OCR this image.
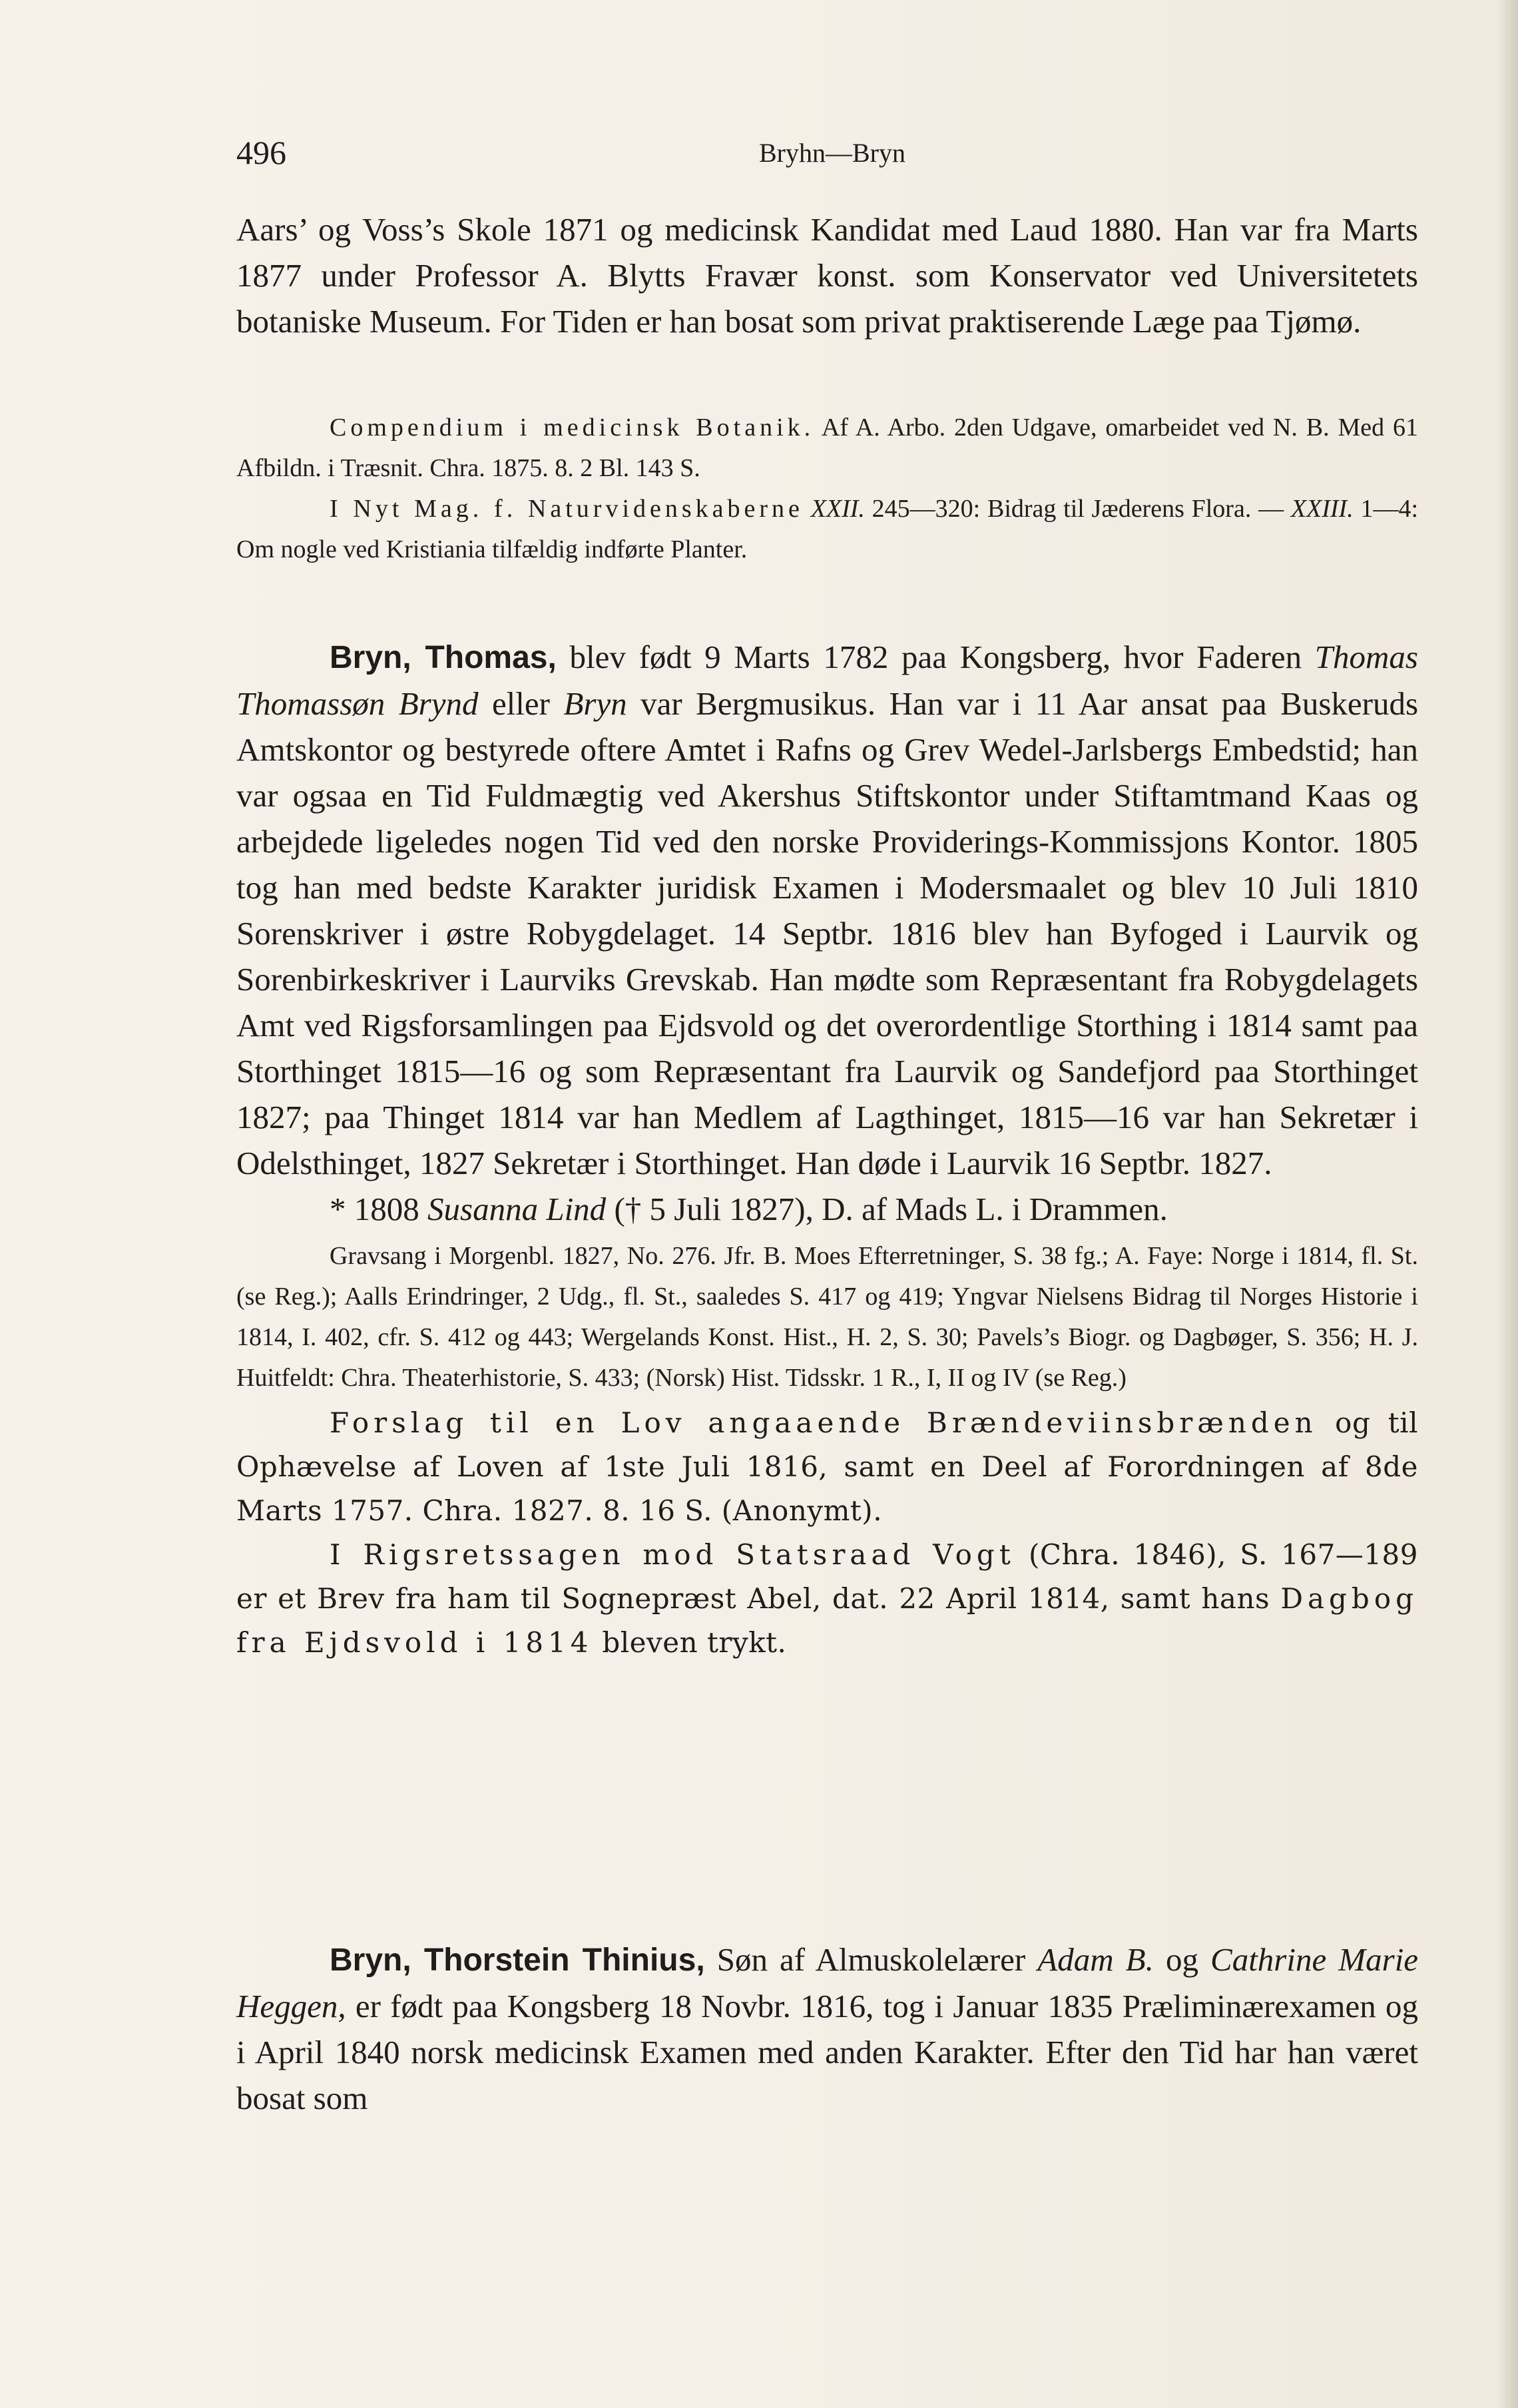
496	Bryhn—Bryn

Aars’ og Voss’s Skole 1871 og medicinsk Kandidat med Laud 1880. Han var fra Marts 1877 under Professor A. Blytts Fravær konst. som Konservator ved Universitetets botaniske Museum. For Tiden er han bosat som privat praktiserende Læge paa Tjømø.

Compendium i medicinsk Botanik. Af A. Arbo. 2den Udgave, omarbeidet ved N. B. Med 61 Afbildn. i Træsnit. Chra. 1875. 8. 2 Bl. 143 S.

I Nyt Mag. f. Naturvidenskaberne XXII. 245—320: Bidrag til Jæderens Flora. — XXIII. 1—4: Om nogle ved Kristiania tilfældig indførte Planter.

Bryn, Thomas, blev født 9 Marts 1782 paa Kongsberg, hvor Faderen Thomas Thomassøn Brynd eller Bryn var Bergmusikus. Han var i 11 Aar ansat paa Buskeruds Amtskontor og bestyrede oftere Amtet i Rafns og Grev Wedel-Jarlsbergs Embedstid; han var ogsaa en Tid Fuldmægtig ved Akershus Stiftskontor under Stiftamtmand Kaas og arbejdede ligeledes nogen Tid ved den norske Providerings-Kommissjons Kontor. 1805 tog han med bedste Karakter juridisk Examen i Modersmaalet og blev 10 Juli 1810 Sorenskriver i østre Robygdelaget. 14 Septbr. 1816 blev han Byfoged i Laurvik og Sorenbirkeskriver i Laurviks Grevskab. Han mødte som Repræsentant fra Robygdelagets Amt ved Rigsforsamlingen paa Ejdsvold og det overordentlige Storthing i 1814 samt paa Storthinget 1815—16 og som Repræsentant fra Laurvik og Sandefjord paa Storthinget 1827; paa Thinget 1814 var han Medlem af Lagthinget, 1815—16 var han Sekretær i Odelsthinget, 1827 Sekretær i Storthinget. Han døde i Laurvik 16 Septbr. 1827.

* 1808 Susanna Lind († 5 Juli 1827), D. af Mads L. i Drammen.

Gravsang i Morgenbl. 1827, No. 276. Jfr. B. Moes Efterretninger, S. 38 fg.; A. Faye: Norge i 1814, fl. St. (se Reg.); Aalls Erindringer, 2 Udg., fl. St., saaledes S. 417 og 419; Yngvar Nielsens Bidrag til Norges Historie i 1814, I. 402, cfr. S. 412 og 443; Wergelands Konst. Hist., H. 2, S. 30; Pavels’s Biogr. og Dagbøger, S. 356; H. J. Huitfeldt: Chra. Theaterhistorie, S. 433; (Norsk) Hist. Tidsskr. 1 R., I, II og IV (se Reg.)

Forslag til en Lov angaaende Brændeviinsbrænden og til Ophævelse af Loven af 1ste Juli 1816, samt en Deel af Forordningen af 8de Marts 1757. Chra. 1827. 8. 16 S. (Anonymt).

I Rigsretssagen mod Statsraad Vogt (Chra. 1846), S. 167—189 er et Brev fra ham til Sognepræst Abel, dat. 22 April 1814, samt hans Dagbog fra Ejdsvold i 1814 bleven trykt.

Bryn, Thorstein Thinius, Søn af Almuskolelærer Adam B. og Cathrine Marie Heggen, er født paa Kongsberg 18 Novbr. 1816, tog i Januar 1835 Præliminærexamen og i April 1840 norsk medicinsk Examen med anden Karakter. Efter den Tid har han været bosat som
